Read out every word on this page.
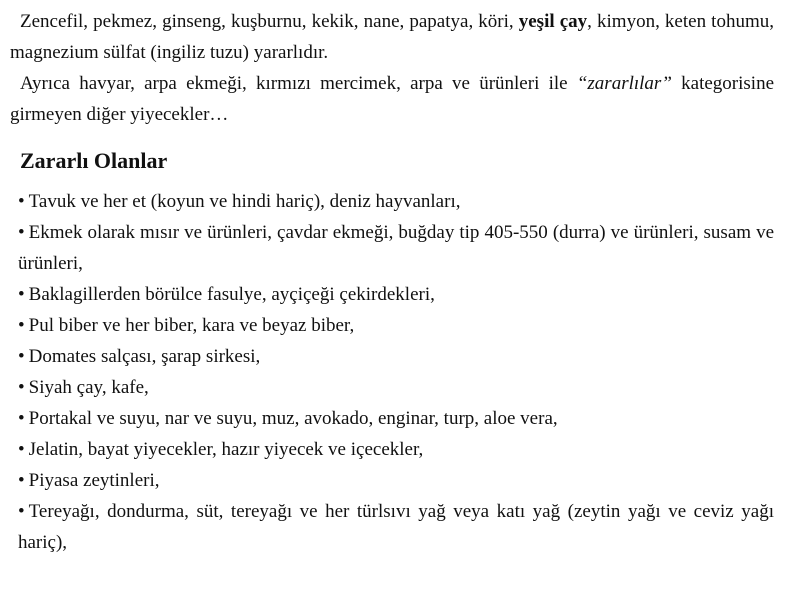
Zencefil, pekmez, ginseng, kuşburnu, kekik, nane, papatya, köri, yeşil çay, kimyon, keten tohumu, magnezium sülfat (ingiliz tuzu) yararlıdır.

Ayrıca havyar, arpa ekmeği, kırmızı mercimek, arpa ve ürünleri ile “zararlılar” kategorisine girmeyen diğer yiyecekler…

Zararlı Olanlar
• Tavuk ve her et (koyun ve hindi hariç), deniz hayvanları,
• Ekmek olarak mısır ve ürünleri, çavdar ekmeği, buğday tip 405-550 (durra) ve ürünleri, susam ve ürünleri,
• Baklagillerden börülce fasulye, ayçiçeği çekirdekleri,
• Pul biber ve her biber, kara ve beyaz biber,
• Domates salçası, şarap sirkesi,
• Siyah çay, kafe,
• Portakal ve suyu, nar ve suyu, muz, avokado, enginar, turp, aloe vera,
• Jelatin, bayat yiyecekler, hazır yiyecek ve içecekler,
• Piyasa zeytinleri,
• Tereyağı, dondurma, süt, tereyağı ve her türlsıvı yağ veya katı yağ (zeytin yağı ve ceviz yağı hariç),
